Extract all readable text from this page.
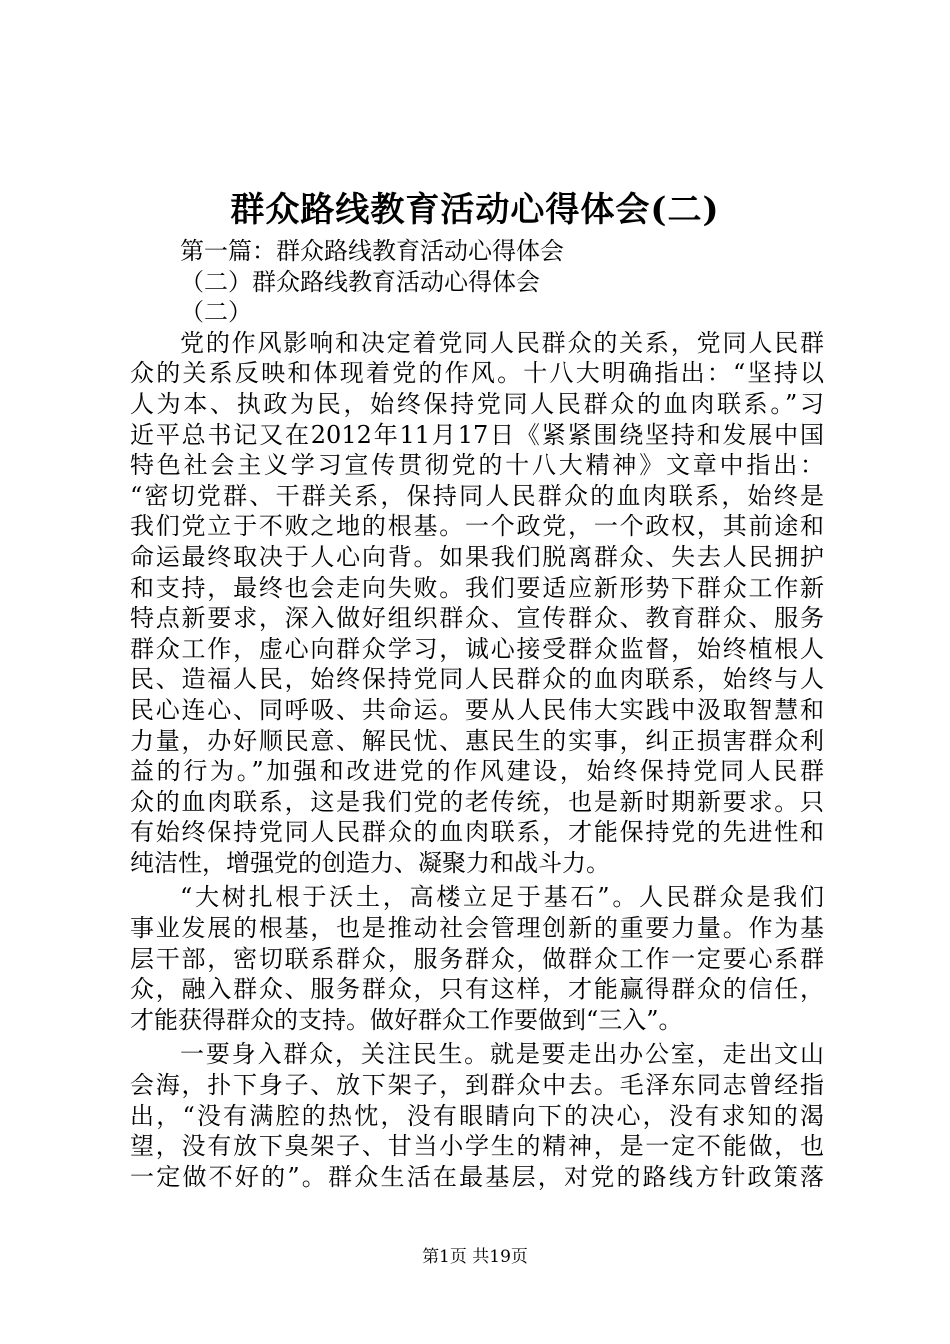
群众路线教育活动心得体会(二)
第一篇：群众路线教育活动心得体会
（二）群众路线教育活动心得体会
（二）
党的作风影响和决定着党同人民群众的关系，党同人民群
众的关系反映和体现着党的作风。十八大明确指出：“坚持以
人为本、执政为民，始终保持党同人民群众的血肉联系。”习
近平总书记又在2012年11月17日《紧紧围绕坚持和发展中国
特色社会主义学习宣传贯彻党的十八大精神》文章中指出：
“密切党群、干群关系，保持同人民群众的血肉联系，始终是
我们党立于不败之地的根基。一个政党，一个政权，其前途和
命运最终取决于人心向背。如果我们脱离群众、失去人民拥护
和支持，最终也会走向失败。我们要适应新形势下群众工作新
特点新要求，深入做好组织群众、宣传群众、教育群众、服务
群众工作，虚心向群众学习，诚心接受群众监督，始终植根人
民、造福人民，始终保持党同人民群众的血肉联系，始终与人
民心连心、同呼吸、共命运。要从人民伟大实践中汲取智慧和
力量，办好顺民意、解民忧、惠民生的实事，纠正损害群众利
益的行为。”加强和改进党的作风建设，始终保持党同人民群
众的血肉联系，这是我们党的老传统，也是新时期新要求。只
有始终保持党同人民群众的血肉联系，才能保持党的先进性和
纯洁性，增强党的创造力、凝聚力和战斗力。
“大树扎根于沃土，高楼立足于基石”。人民群众是我们
事业发展的根基，也是推动社会管理创新的重要力量。作为基
层干部，密切联系群众，服务群众，做群众工作一定要心系群
众，融入群众、服务群众，只有这样，才能赢得群众的信任，
才能获得群众的支持。做好群众工作要做到“三入”。
一要身入群众，关注民生。就是要走出办公室，走出文山
会海，扑下身子、放下架子，到群众中去。毛泽东同志曾经指
出，“没有满腔的热忱，没有眼睛向下的决心，没有求知的渴
望，没有放下臭架子、甘当小学生的精神，是一定不能做，也
一定做不好的”。群众生活在最基层，对党的路线方针政策落
第1页 共19页
